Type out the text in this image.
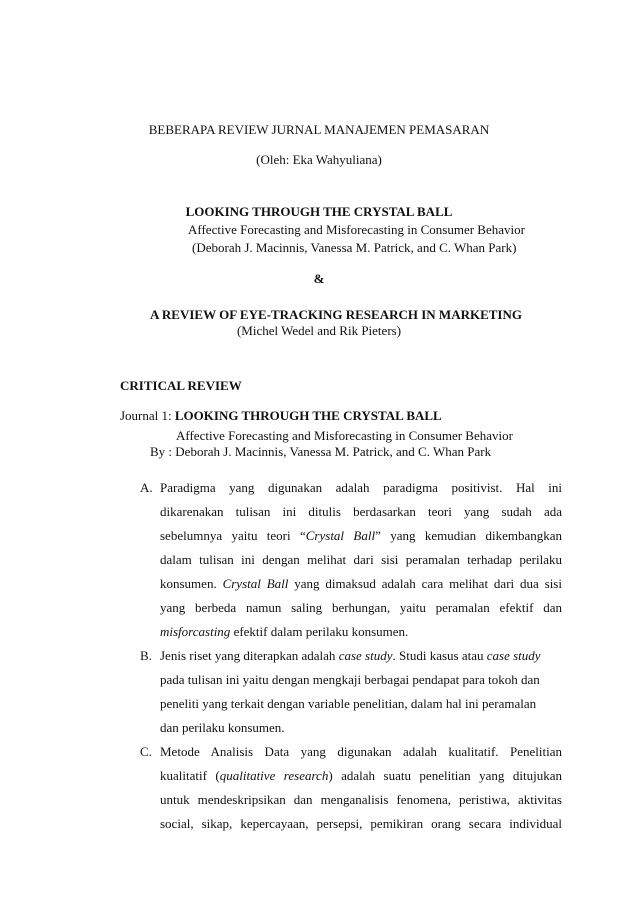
BEBERAPA REVIEW JURNAL MANAJEMEN PEMASARAN
(Oleh: Eka Wahyuliana)
LOOKING THROUGH THE CRYSTAL BALL
Affective Forecasting and Misforecasting in Consumer Behavior
(Deborah J. Macinnis, Vanessa M. Patrick, and C. Whan Park)
&
A REVIEW OF EYE-TRACKING RESEARCH IN MARKETING
(Michel Wedel and Rik Pieters)
CRITICAL REVIEW
Journal 1: LOOKING THROUGH THE CRYSTAL BALL
Affective Forecasting and Misforecasting in Consumer Behavior
By : Deborah J. Macinnis, Vanessa M. Patrick, and C. Whan Park
A. Paradigma yang digunakan adalah paradigma positivist. Hal ini
dikarenakan tulisan ini ditulis berdasarkan teori yang sudah ada
sebelumnya yaitu teori “Crystal Ball” yang kemudian dikembangkan
dalam tulisan ini dengan melihat dari sisi peramalan terhadap perilaku
konsumen. Crystal Ball yang dimaksud adalah cara melihat dari dua sisi
yang berbeda namun saling berhungan, yaitu peramalan efektif dan
misforcasting efektif dalam perilaku konsumen.
B. Jenis riset yang diterapkan adalah case study. Studi kasus atau case study
pada tulisan ini yaitu dengan mengkaji berbagai pendapat para tokoh dan
peneliti yang terkait dengan variable penelitian, dalam hal ini peramalan
dan perilaku konsumen.
C. Metode Analisis Data yang digunakan adalah kualitatif. Penelitian
kualitatif (qualitative research) adalah suatu penelitian yang ditujukan
untuk mendeskripsikan dan menganalisis fenomena, peristiwa, aktivitas
social, sikap, kepercayaan, persepsi, pemikiran orang secara individual
